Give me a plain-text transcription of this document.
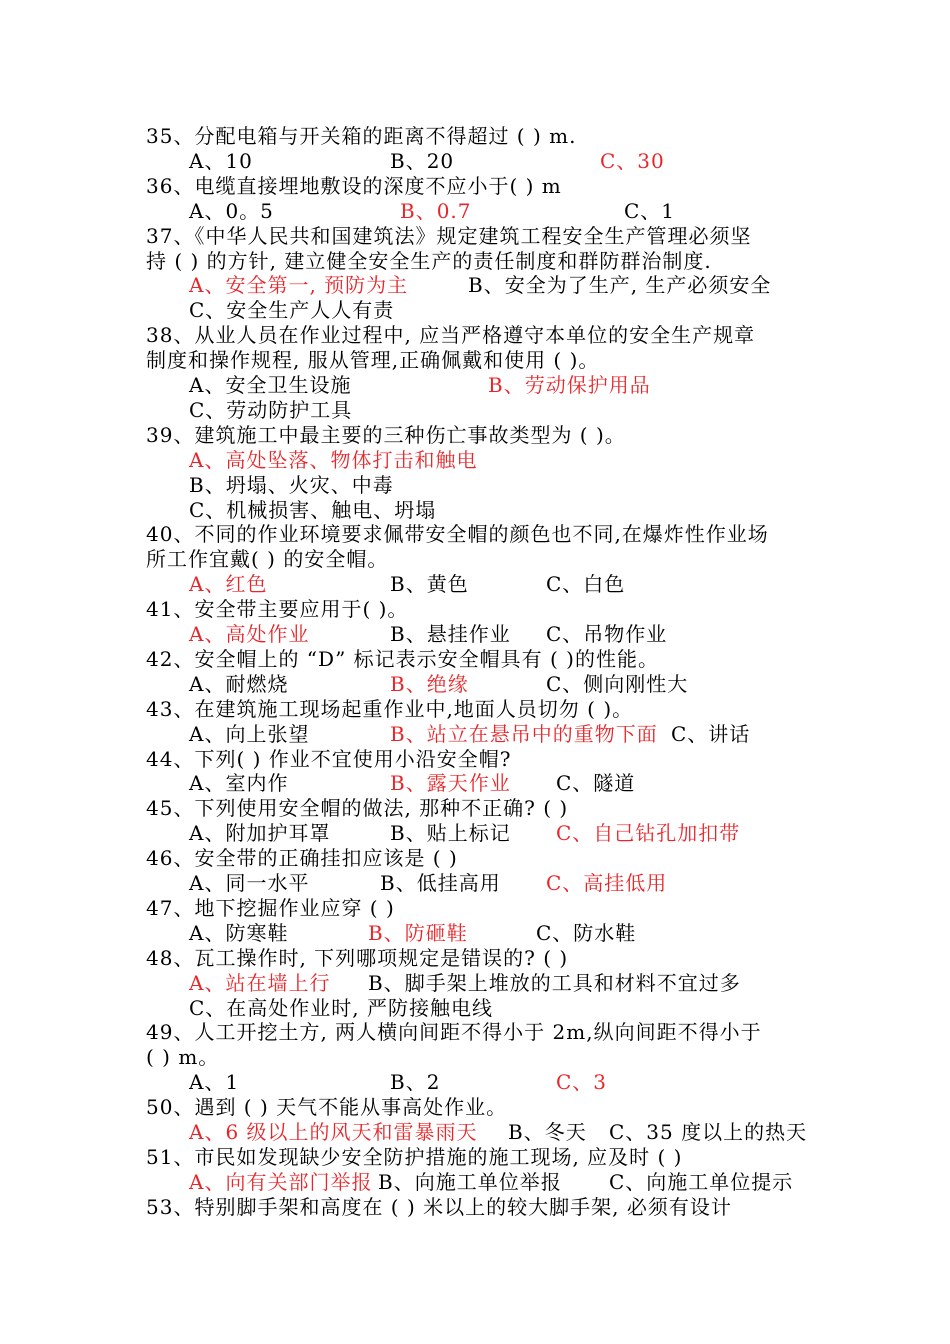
35、分配电箱与开关箱的距离不得超过 ( ) m.
A、10	B、20	C、30
36、电缆直接埋地敷设的深度不应小于( ) m
A、0。5	B、0.7	C、1
37、《中华人民共和国建筑法》规定建筑工程安全生产管理必须坚
持 ( ) 的方针, 建立健全安全生产的责任制度和群防群治制度.
A、安全第一, 预防为主	B、安全为了生产, 生产必须安全
C、安全生产人人有责
38、从业人员在作业过程中, 应当严格遵守本单位的安全生产规章
制度和操作规程, 服从管理,正确佩戴和使用 ( )。
A、安全卫生设施	B、劳动保护用品
C、劳动防护工具
39、建筑施工中最主要的三种伤亡事故类型为 ( )。
A、高处坠落、物体打击和触电
B、坍塌、火灾、中毒
C、机械损害、触电、坍塌
40、不同的作业环境要求佩带安全帽的颜色也不同,在爆炸性作业场
所工作宜戴( ) 的安全帽。
A、红色	B、黄色	C、白色
41、安全带主要应用于( )。
A、高处作业	B、悬挂作业 C、吊物作业
42、安全帽上的 “D” 标记表示安全帽具有 ( )的性能。
A、耐燃烧	B、绝缘	C、侧向刚性大
43、在建筑施工现场起重作业中,地面人员切勿 ( )。
A、向上张望	B、站立在悬吊中的重物下面 C、讲话
44、下列( ) 作业不宜使用小沿安全帽?
A、室内作	B、露天作业 C、隧道
45、下列使用安全帽的做法, 那种不正确? ( )
A、附加护耳罩	B、贴上标记 C、自己钻孔加扣带
46、安全带的正确挂扣应该是 ( )
A、同一水平	B、低挂高用 C、高挂低用
47、地下挖掘作业应穿 ( )
A、防寒鞋	B、防砸鞋	C、防水鞋
48、瓦工操作时, 下列哪项规定是错误的? ( )
A、站在墙上行 B、脚手架上堆放的工具和材料不宜过多
C、在高处作业时, 严防接触电线
49、人工开挖土方, 两人横向间距不得小于 2m,纵向间距不得小于
( ) m。
A、1	B、2	C、3
50、遇到 ( ) 天气不能从事高处作业。
A、6 级以上的风天和雷暴雨天 B、冬天 C、35 度以上的热天
51、市民如发现缺少安全防护措施的施工现场, 应及时 ( )
A、向有关部门举报 B、向施工单位举报 C、向施工单位提示
53、特别脚手架和高度在 ( ) 米以上的较大脚手架, 必须有设计
